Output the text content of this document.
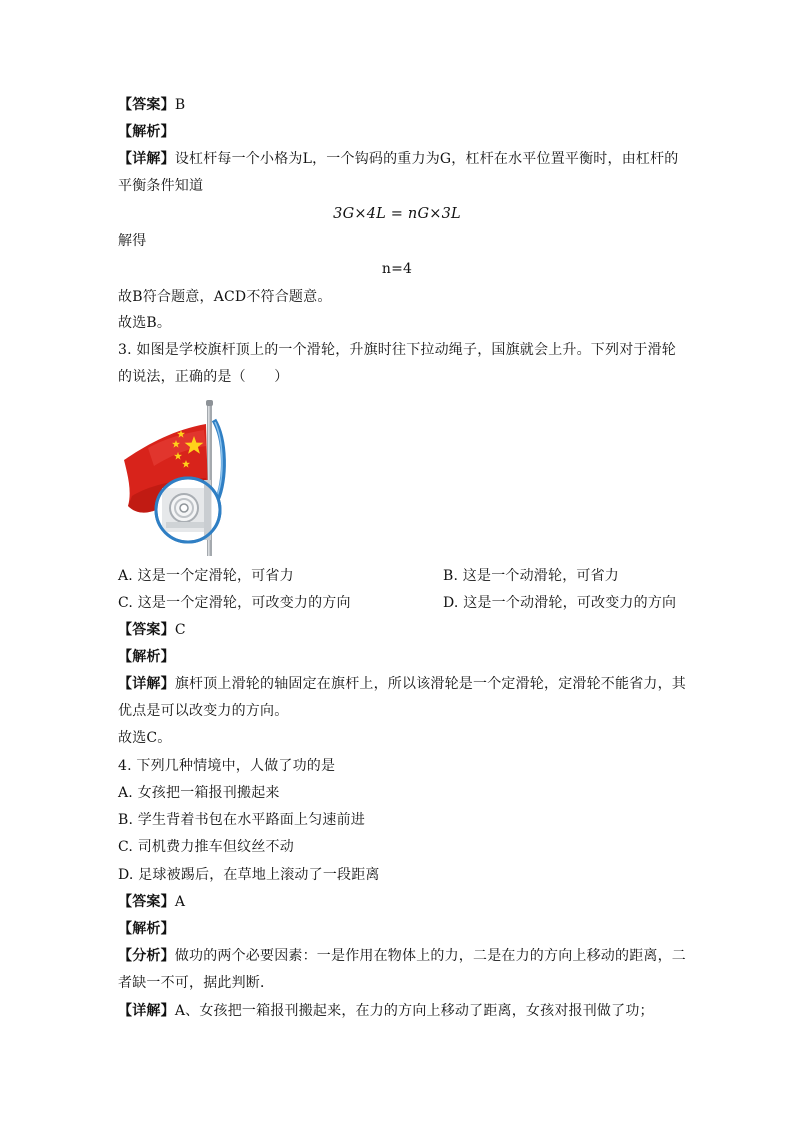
【答案】B
【解析】
【详解】设杠杆每一个小格为L，一个钩码的重力为G，杠杆在水平位置平衡时，由杠杆的
平衡条件知道
3G×4L = nG×3L
解得
n=4
故B符合题意，ACD不符合题意。
故选B。
3. 如图是学校旗杆顶上的一个滑轮，升旗时往下拉动绳子，国旗就会上升。下列对于滑轮
的说法，正确的是（　　）
A. 这是一个定滑轮，可省力	B. 这是一个动滑轮，可省力
C. 这是一个定滑轮，可改变力的方向	D. 这是一个动滑轮，可改变力的方向
【答案】C
【解析】
【详解】旗杆顶上滑轮的轴固定在旗杆上，所以该滑轮是一个定滑轮，定滑轮不能省力，其
优点是可以改变力的方向。
故选C。
4. 下列几种情境中，人做了功的是
A. 女孩把一箱报刊搬起来
B. 学生背着书包在水平路面上匀速前进
C. 司机费力推车但纹丝不动
D. 足球被踢后，在草地上滚动了一段距离
【答案】A
【解析】
【分析】做功的两个必要因素：一是作用在物体上的力，二是在力的方向上移动的距离，二
者缺一不可，据此判断．
【详解】A、女孩把一箱报刊搬起来，在力的方向上移动了距离，女孩对报刊做了功；
